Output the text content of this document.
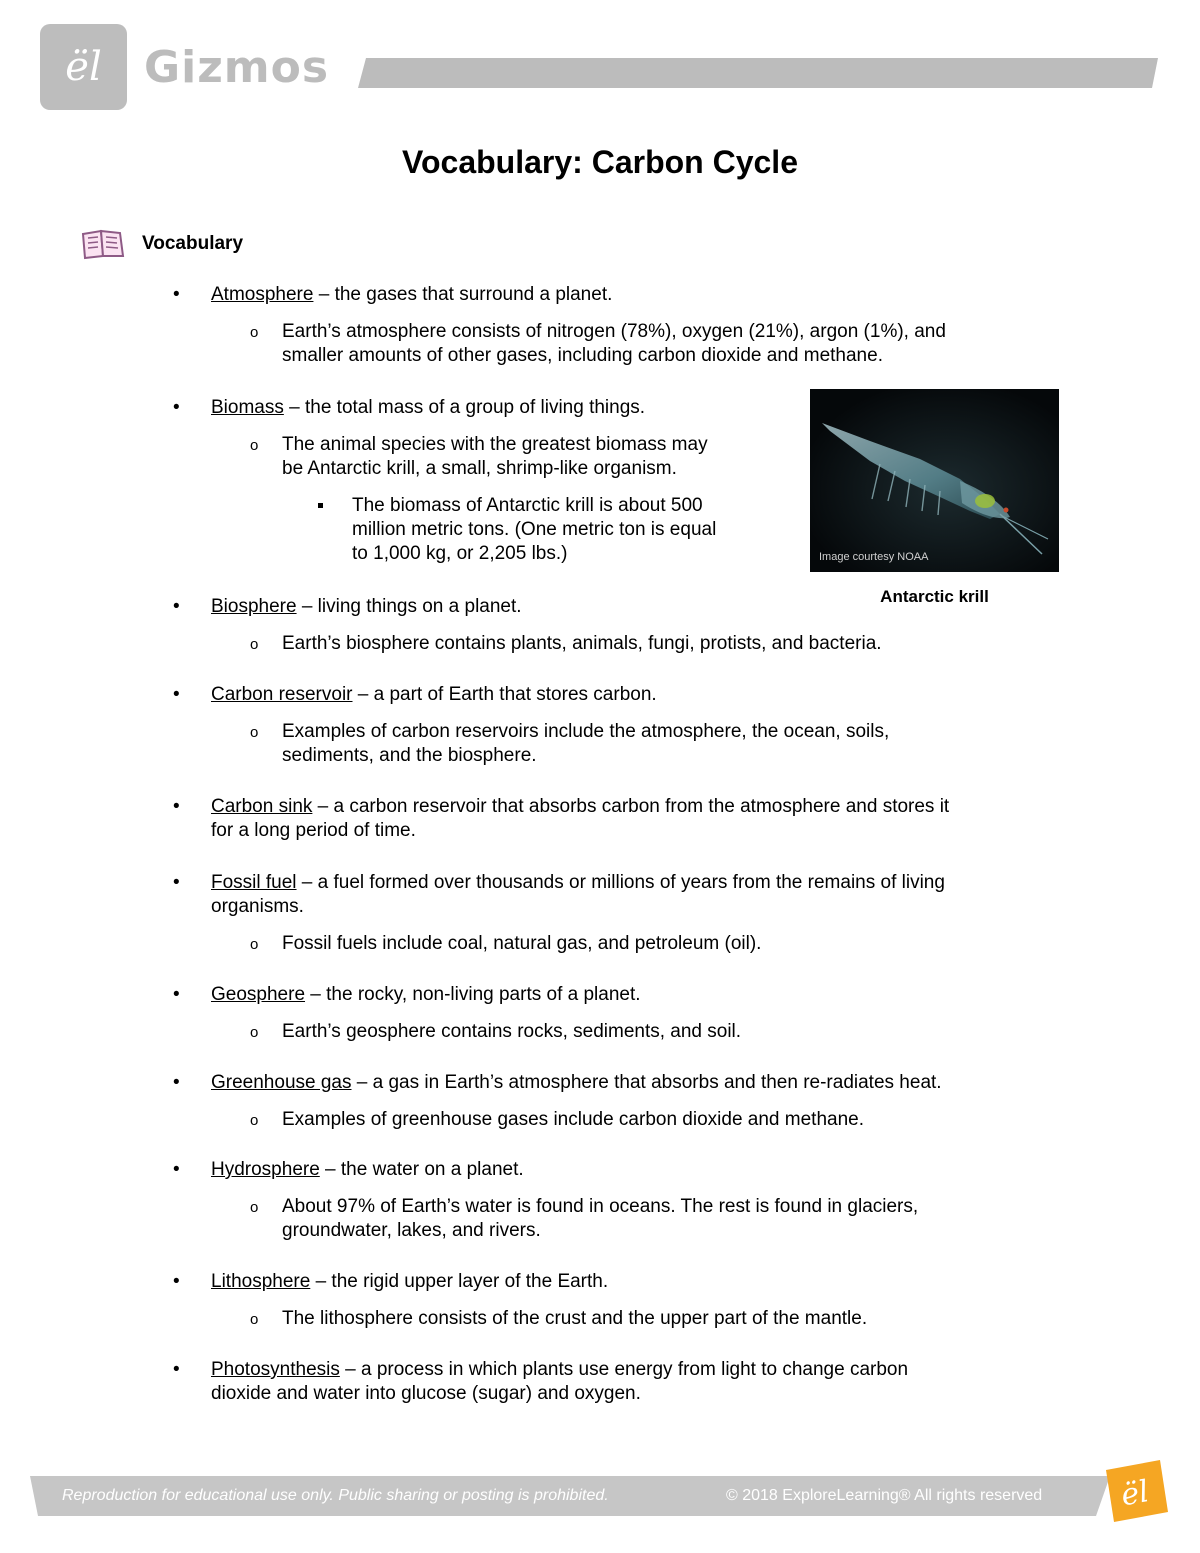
ël Gizmos
Vocabulary: Carbon Cycle
Vocabulary
• Atmosphere – the gases that surround a planet.
o Earth’s atmosphere consists of nitrogen (78%), oxygen (21%), argon (1%), and
smaller amounts of other gases, including carbon dioxide and methane.
• Biomass – the total mass of a group of living things.
o The animal species with the greatest biomass may
be Antarctic krill, a small, shrimp-like organism.
The biomass of Antarctic krill is about 500
million metric tons. (One metric ton is equal
to 1,000 kg, or 2,205 lbs.)	Image courtesy NOAA
Antarctic krill
• Biosphere – living things on a planet.
o Earth’s biosphere contains plants, animals, fungi, protists, and bacteria.
• Carbon reservoir – a part of Earth that stores carbon.
o Examples of carbon reservoirs include the atmosphere, the ocean, soils,
sediments, and the biosphere.
• Carbon sink – a carbon reservoir that absorbs carbon from the atmosphere and stores it
for a long period of time.
• Fossil fuel – a fuel formed over thousands or millions of years from the remains of living
organisms.
o Fossil fuels include coal, natural gas, and petroleum (oil).
• Geosphere – the rocky, non-living parts of a planet.
o Earth’s geosphere contains rocks, sediments, and soil.
• Greenhouse gas – a gas in Earth’s atmosphere that absorbs and then re-radiates heat.
o Examples of greenhouse gases include carbon dioxide and methane.
• Hydrosphere – the water on a planet.
o About 97% of Earth’s water is found in oceans. The rest is found in glaciers,
groundwater, lakes, and rivers.
• Lithosphere – the rigid upper layer of the Earth.
o The lithosphere consists of the crust and the upper part of the mantle.
• Photosynthesis – a process in which plants use energy from light to change carbon
dioxide and water into glucose (sugar) and oxygen.
Reproduction for educational use only. Public sharing or posting is prohibited.	© 2018 ExploreLearning® All rights reserved	ël
